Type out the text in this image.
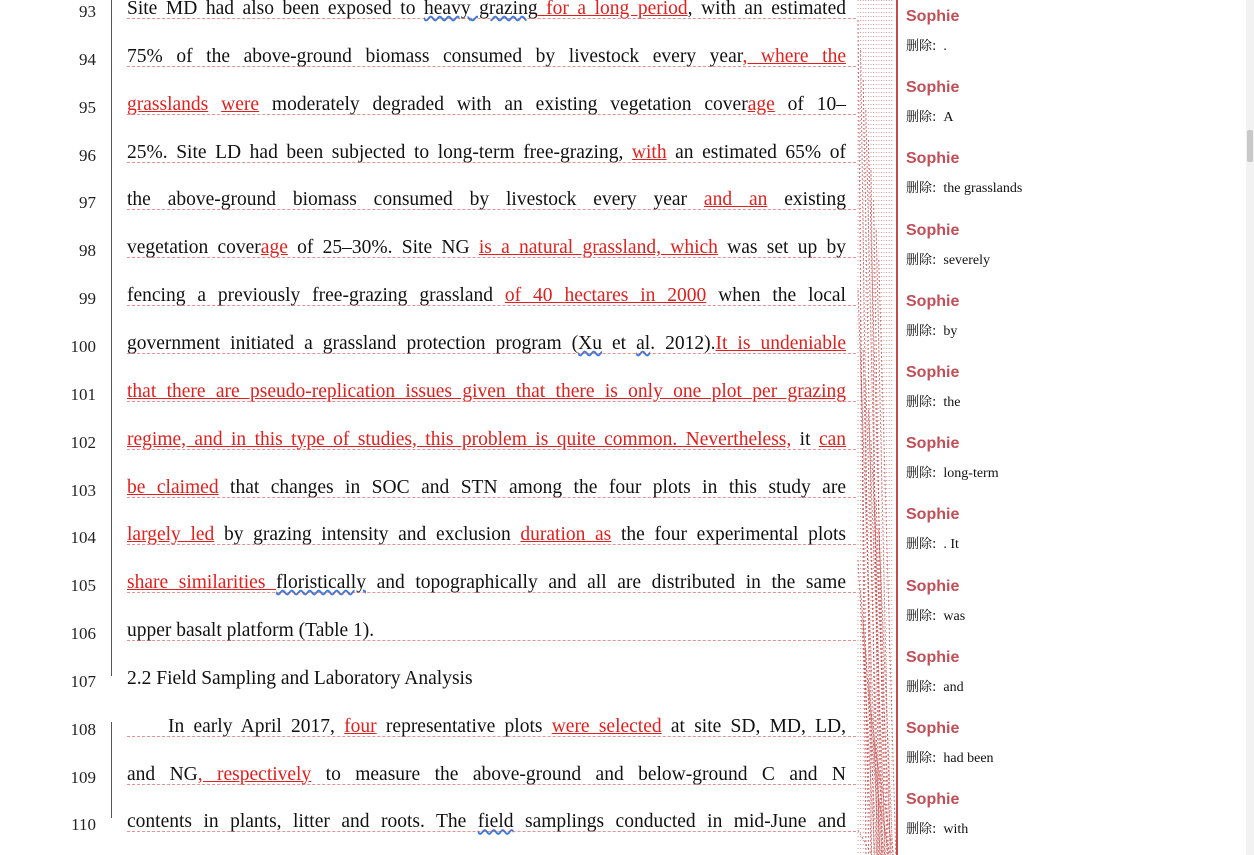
93 Site MD had also been exposed to heavy grazing for a long period, with an estimated
94 75% of the above-ground biomass consumed by livestock every year, where the
95 grasslands were moderately degraded with an existing vegetation coverage of 10–
96 25%. Site LD had been subjected to long-term free-grazing, with an estimated 65% of
97 the above-ground biomass consumed by livestock every year and an existing
98 vegetation coverage of 25–30%. Site NG is a natural grassland, which was set up by
99 fencing a previously free-grazing grassland of 40 hectares in 2000 when the local
100 government initiated a grassland protection program (Xu et al. 2012).It is undeniable
101 that there are pseudo-replication issues given that there is only one plot per grazing
102 regime, and in this type of studies, this problem is quite common. Nevertheless, it can
103 be claimed that changes in SOC and STN among the four plots in this study are
104 largely led by grazing intensity and exclusion duration as the four experimental plots
105 share similarities floristically and topographically and all are distributed in the same
106 upper basalt platform (Table 1).
107 2.2 Field Sampling and Laboratory Analysis
108	In early April 2017, four representative plots were selected at site SD, MD, LD,
109 and NG, respectively to measure the above-ground and below-ground C and N
110 contents in plants, litter and roots. The field samplings conducted in mid-June and
Sophie
删除: .
Sophie
删除: A
Sophie
删除: the grasslands
Sophie
删除: severely
Sophie
删除: by
Sophie
删除: the
Sophie
删除: long-term
Sophie
删除: . It
Sophie
删除: was
Sophie
删除: and
Sophie
删除: had been
Sophie
删除: with
